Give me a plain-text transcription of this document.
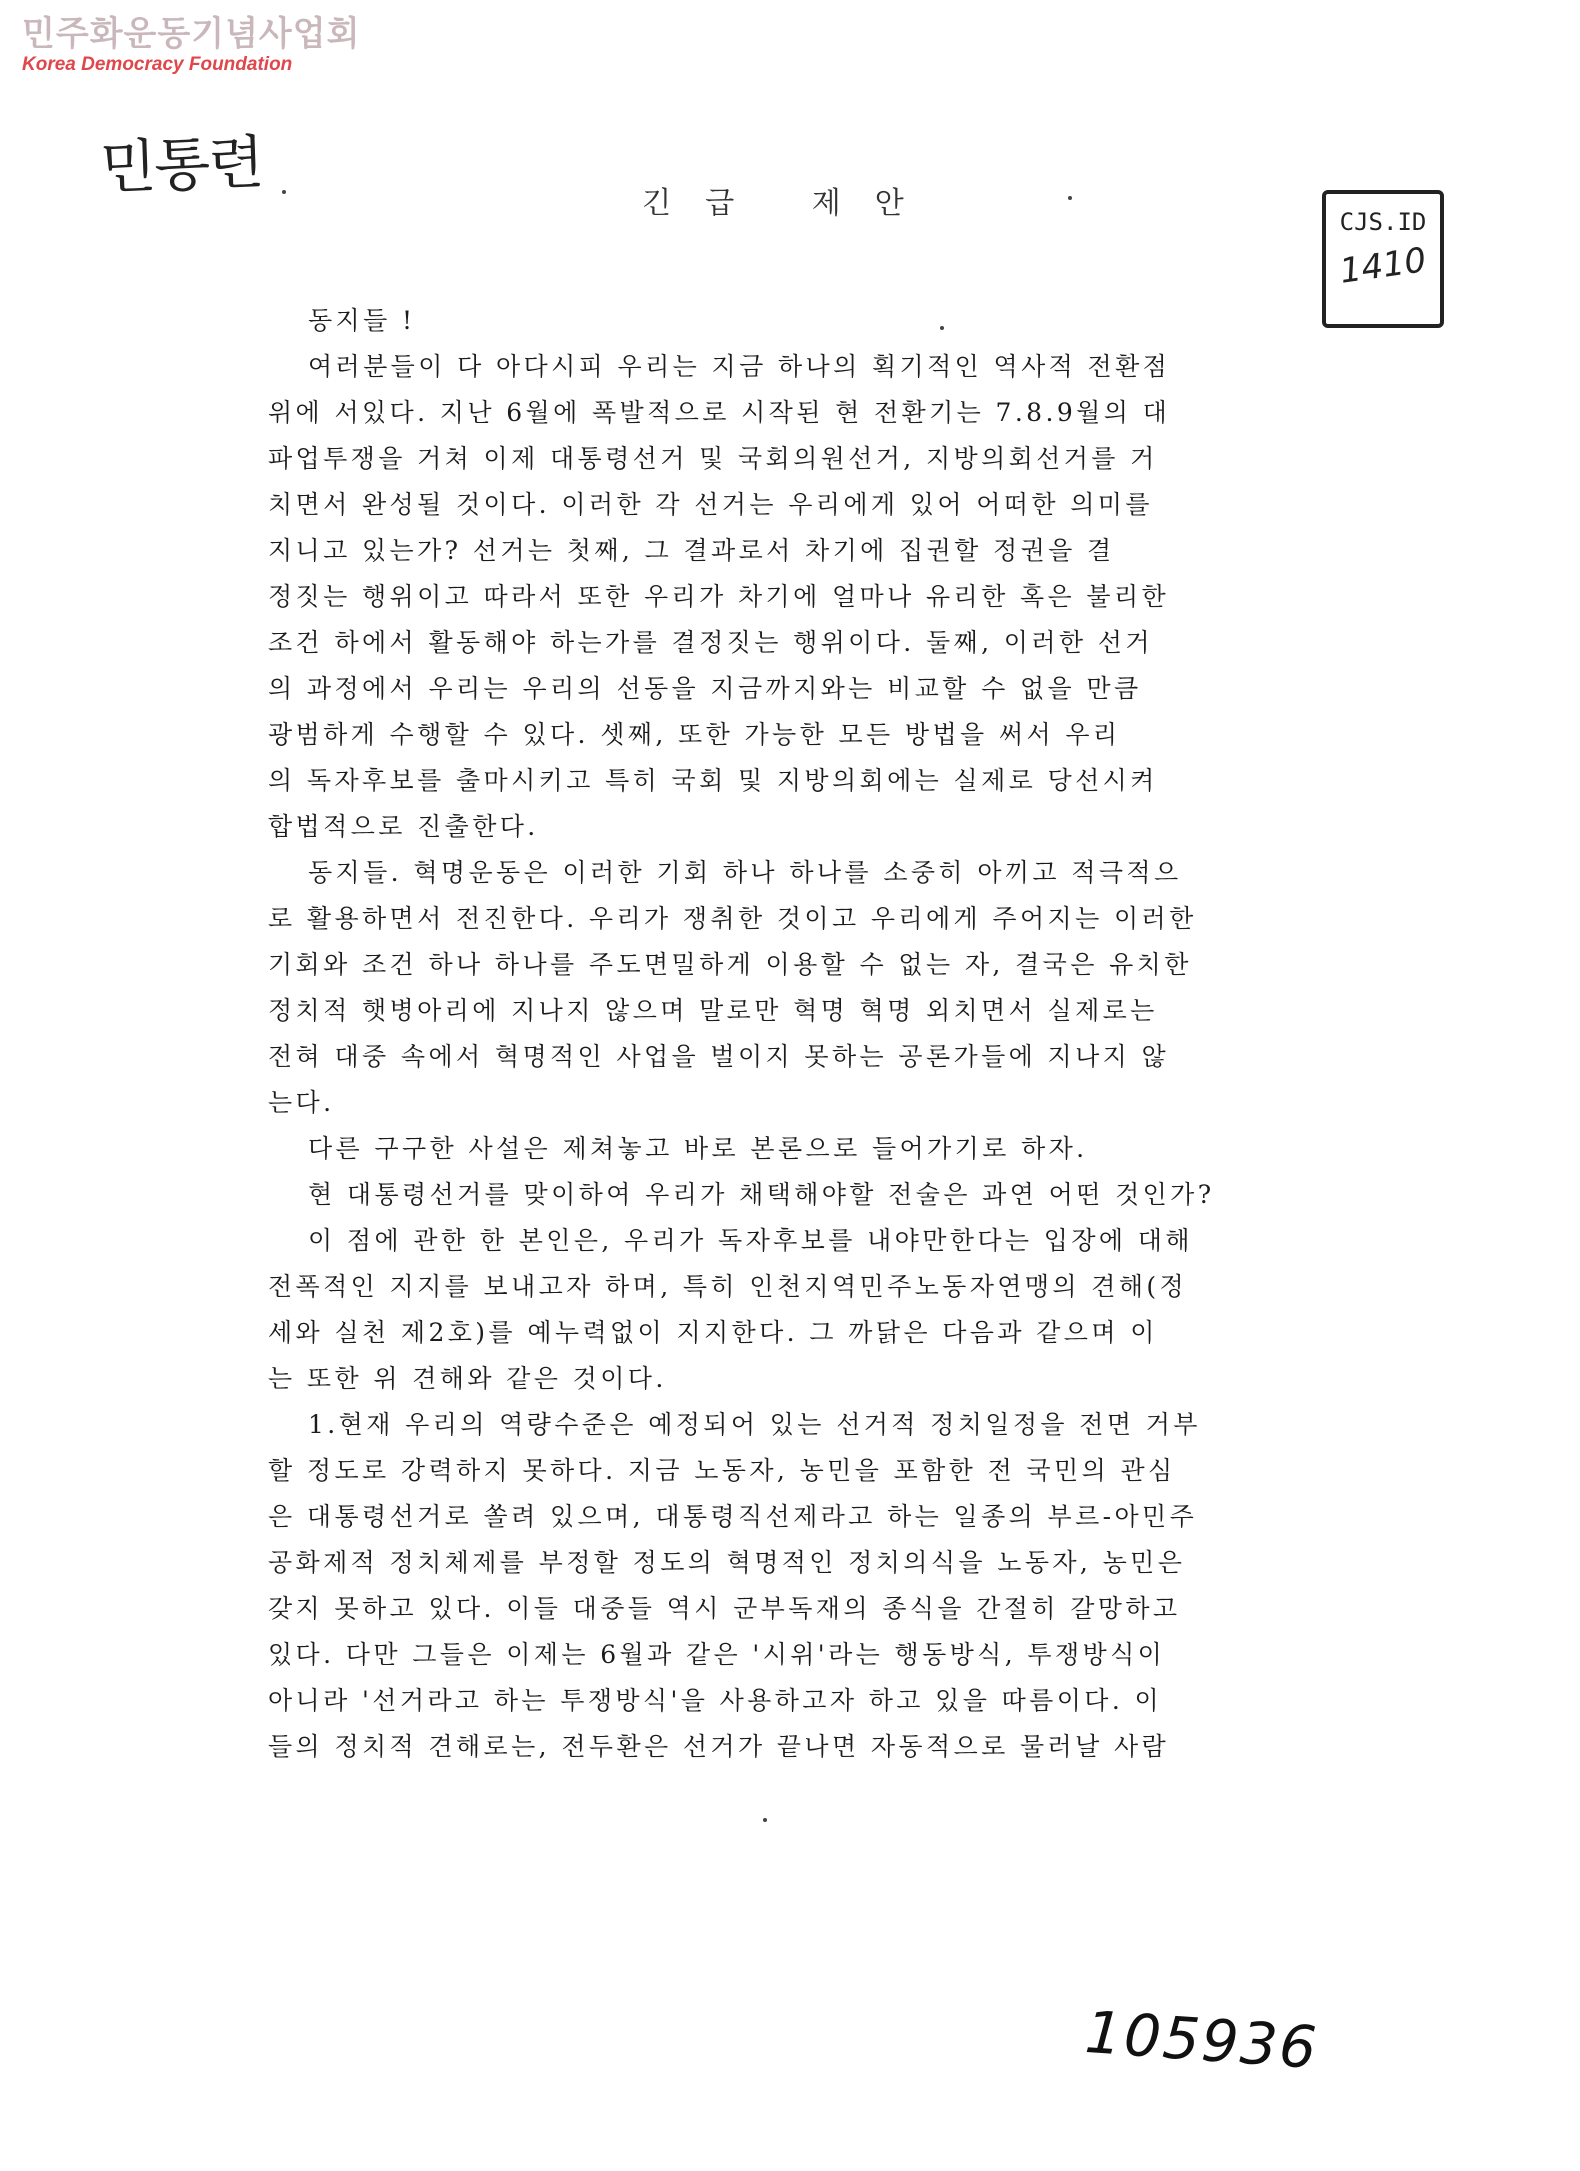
민주화운동기념사업회
Korea Democracy Foundation
민통련
긴급 제안
CJS.ID
1410
동지들 !
여러분들이 다 아다시피 우리는 지금 하나의 획기적인 역사적 전환점
위에 서있다. 지난 6월에 폭발적으로 시작된 현 전환기는 7.8.9월의 대
파업투쟁을 거쳐 이제 대통령선거 및 국회의원선거, 지방의회선거를 거
치면서 완성될 것이다. 이러한 각 선거는 우리에게 있어 어떠한 의미를
지니고 있는가? 선거는 첫째, 그 결과로서 차기에 집권할 정권을 결
정짓는 행위이고 따라서 또한 우리가 차기에 얼마나 유리한 혹은 불리한
조건 하에서 활동해야 하는가를 결정짓는 행위이다. 둘째, 이러한 선거
의 과정에서 우리는 우리의 선동을 지금까지와는 비교할 수 없을 만큼
광범하게 수행할 수 있다. 셋째, 또한 가능한 모든 방법을 써서 우리
의 독자후보를 출마시키고 특히 국회 및 지방의회에는 실제로 당선시켜
합법적으로 진출한다.
동지들. 혁명운동은 이러한 기회 하나 하나를 소중히 아끼고 적극적으
로 활용하면서 전진한다. 우리가 쟁취한 것이고 우리에게 주어지는 이러한
기회와 조건 하나 하나를 주도면밀하게 이용할 수 없는 자, 결국은 유치한
정치적 햇병아리에 지나지 않으며 말로만 혁명 혁명 외치면서 실제로는
전혀 대중 속에서 혁명적인 사업을 벌이지 못하는 공론가들에 지나지 않
는다.
다른 구구한 사설은 제쳐놓고 바로 본론으로 들어가기로 하자.
현 대통령선거를 맞이하여 우리가 채택해야할 전술은 과연 어떤 것인가?
이 점에 관한 한 본인은, 우리가 독자후보를 내야만한다는 입장에 대해
전폭적인 지지를 보내고자 하며, 특히 인천지역민주노동자연맹의 견해(정
세와 실천 제2호)를 예누력없이 지지한다. 그 까닭은 다음과 같으며 이
는 또한 위 견해와 같은 것이다.
1.현재 우리의 역량수준은 예정되어 있는 선거적 정치일정을 전면 거부
할 정도로 강력하지 못하다. 지금 노동자, 농민을 포함한 전 국민의 관심
은 대통령선거로 쏠려 있으며, 대통령직선제라고 하는 일종의 부르-아민주
공화제적 정치체제를 부정할 정도의 혁명적인 정치의식을 노동자, 농민은
갖지 못하고 있다. 이들 대중들 역시 군부독재의 종식을 간절히 갈망하고
있다. 다만 그들은 이제는 6월과 같은 '시위'라는 행동방식, 투쟁방식이
아니라 '선거라고 하는 투쟁방식'을 사용하고자 하고 있을 따름이다. 이
들의 정치적 견해로는, 전두환은 선거가 끝나면 자동적으로 물러날 사람
105936
